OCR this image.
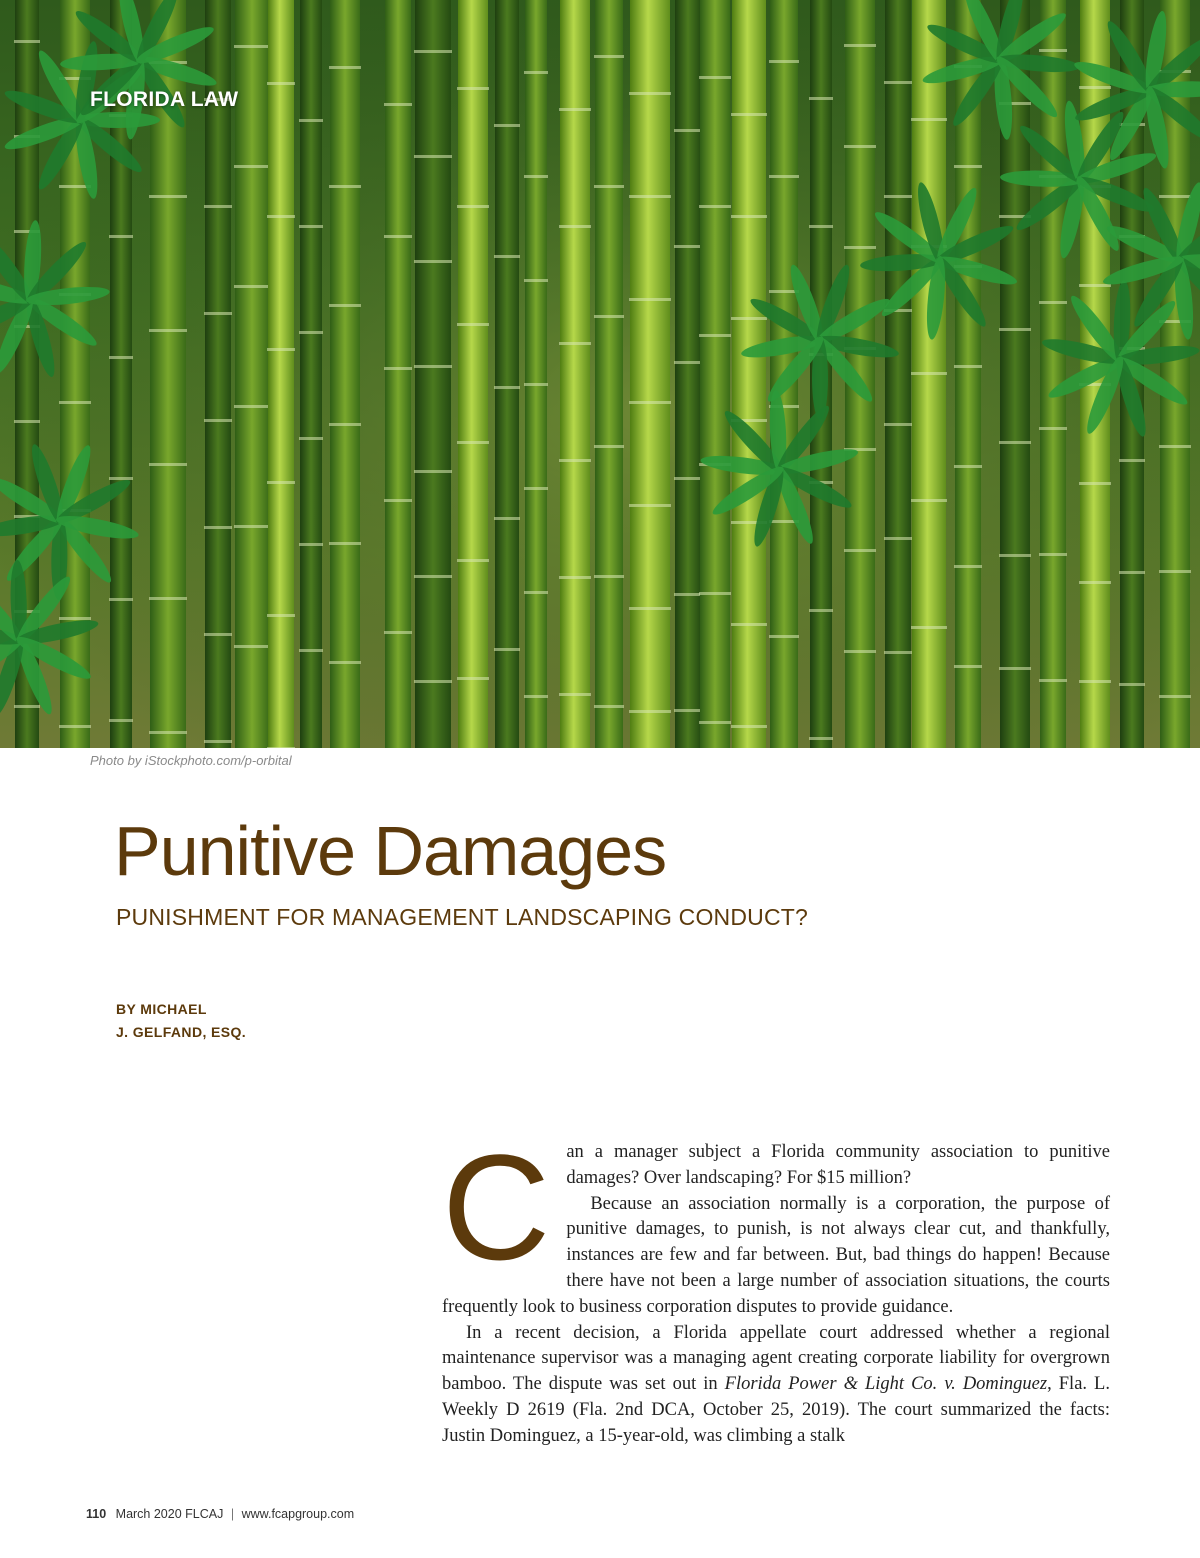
FLORIDA LAW
Photo by iStockphoto.com/p-orbital
Punitive Damages
PUNISHMENT FOR MANAGEMENT LANDSCAPING CONDUCT?
BY MICHAEL
J. GELFAND, ESQ.
C an a manager subject a Florida community association to punitive damages? Over landscaping? For $15 million?

Because an association normally is a corporation, the purpose of punitive damages, to punish, is not always clear cut, and thankfully, instances are few and far between. But, bad things do happen! Because there have not been a large number of association situations, the courts frequently look to business corporation disputes to provide guidance.

In a recent decision, a Florida appellate court addressed whether a regional maintenance supervisor was a managing agent creating corporate liability for overgrown bamboo. The dispute was set out in Florida Power & Light Co. v. Dominguez, Fla. L. Weekly D 2619 (Fla. 2nd DCA, October 25, 2019). The court summarized the facts: Justin Dominguez, a 15-year-old, was climbing a stalk

110 March 2020 FLCAJ | www.fcapgroup.com
